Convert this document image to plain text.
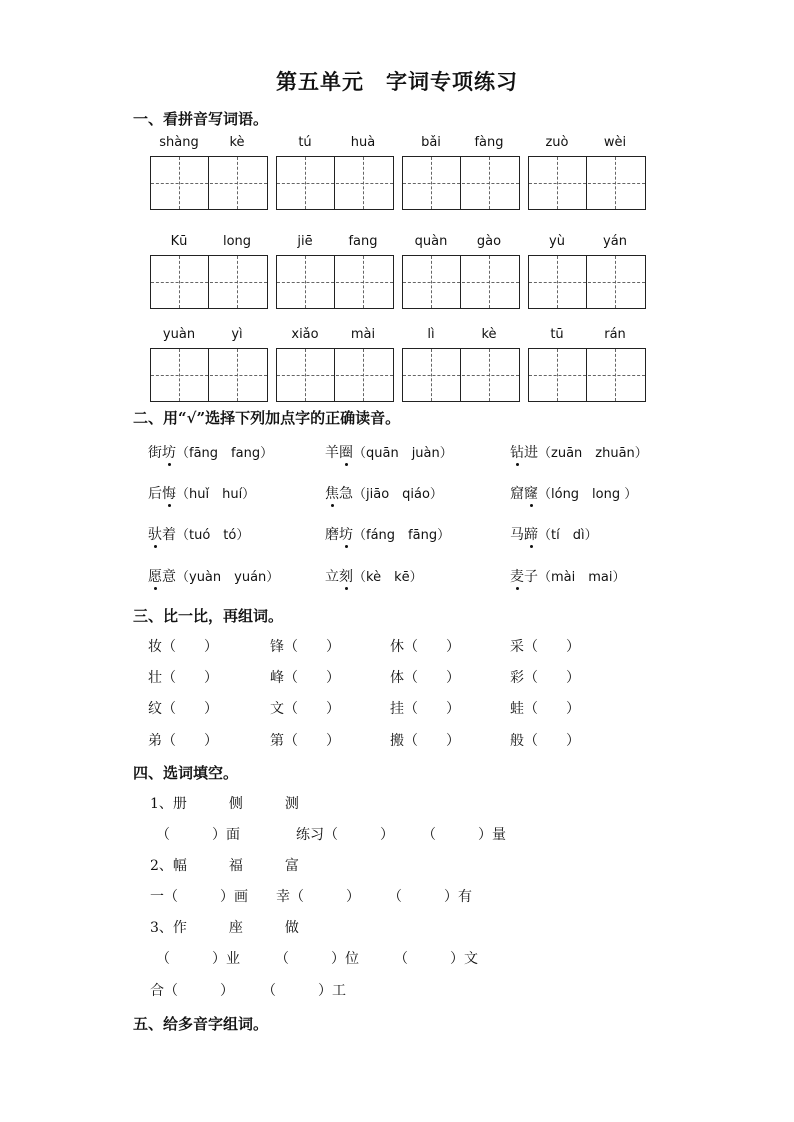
第五单元　字词专项练习
一、看拼音写词语。
shàng	kè	tú	huà	bǎi	fàng	zuò	wèi
Kū	long	jiē	fang	quàn	gào	yù	yán
yuàn	yì	xiǎo	mài	lì	kè	tū	rán
二、用“√”选择下列加点字的正确读音。
街坊（fāng　fang）	羊圈（quān　juàn）	钻进（zuān　zhuān）
后悔（huǐ　huí）	焦急（jiāo　qiáo）	窟窿（lóng　long ）
驮着（tuó　tó）	磨坊（fáng　fāng）	马蹄（tí　dì）
愿意（yuàn　yuán）	立刻（kè　kē）	麦子（mài　mai）
三、比一比，再组词。
妆（　　）	锋（　　）	休（　　）	采（　　）
壮（　　）	峰（　　）	体（　　）	彩（　　）
纹（　　）	文（　　）	挂（　　）	蛙（　　）
弟（　　）	第（　　）	搬（　　）	般（　　）
四、选词填空。
1、册　　　侧　　　测
（　　　）面　　　　练习（　　　）　　　（　　　）量
2、幅　　　福　　　富
一（　　　）画　　幸（　　　）　　　（　　　）有
3、作　　　座　　　做
（　　　）业　　　（　　　）位　　　（　　　）文
合（　　　）　　　（　　　）工
五、给多音字组词。
